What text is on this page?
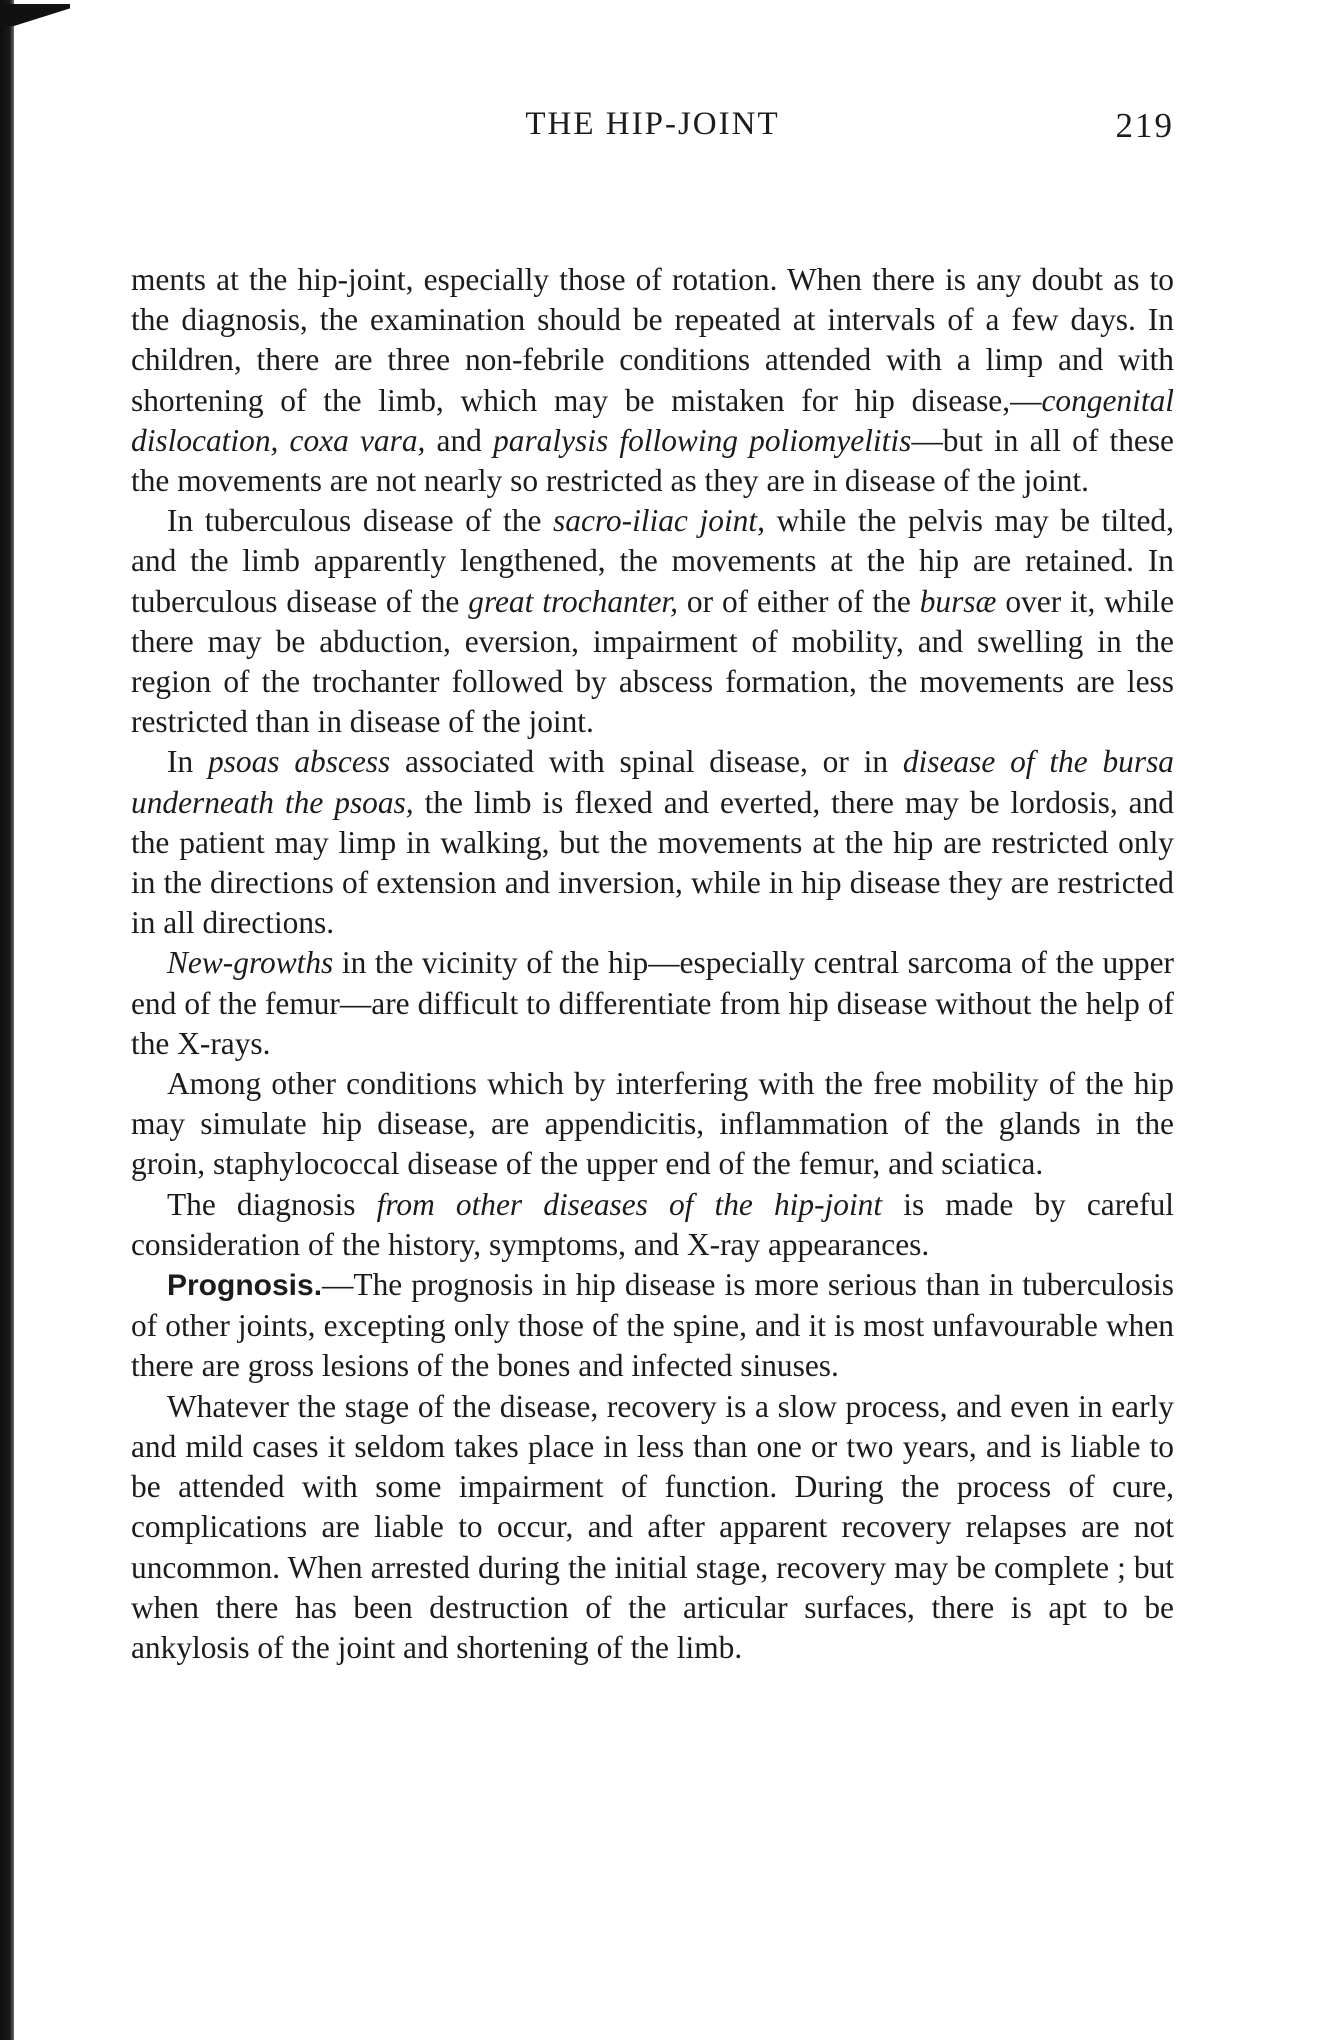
THE HIP-JOINT	219

ments at the hip-joint, especially those of rotation. When there is any doubt as to the diagnosis, the examination should be repeated at intervals of a few days. In children, there are three non-febrile conditions attended with a limp and with shortening of the limb, which may be mistaken for hip disease,—congenital dislocation, coxa vara, and paralysis following poliomyelitis—but in all of these the movements are not nearly so restricted as they are in disease of the joint.

In tuberculous disease of the sacro-iliac joint, while the pelvis may be tilted, and the limb apparently lengthened, the movements at the hip are retained. In tuberculous disease of the great trochanter, or of either of the bursæ over it, while there may be abduction, eversion, impairment of mobility, and swelling in the region of the trochanter followed by abscess formation, the movements are less restricted than in disease of the joint.

In psoas abscess associated with spinal disease, or in disease of the bursa underneath the psoas, the limb is flexed and everted, there may be lordosis, and the patient may limp in walking, but the movements at the hip are restricted only in the directions of extension and inversion, while in hip disease they are restricted in all directions.

New-growths in the vicinity of the hip—especially central sarcoma of the upper end of the femur—are difficult to differentiate from hip disease without the help of the X-rays.

Among other conditions which by interfering with the free mobility of the hip may simulate hip disease, are appendicitis, inflammation of the glands in the groin, staphylococcal disease of the upper end of the femur, and sciatica.

The diagnosis from other diseases of the hip-joint is made by careful consideration of the history, symptoms, and X-ray appearances.

Prognosis.—The prognosis in hip disease is more serious than in tuberculosis of other joints, excepting only those of the spine, and it is most unfavourable when there are gross lesions of the bones and infected sinuses.

Whatever the stage of the disease, recovery is a slow process, and even in early and mild cases it seldom takes place in less than one or two years, and is liable to be attended with some impairment of function. During the process of cure, complications are liable to occur, and after apparent recovery relapses are not uncommon. When arrested during the initial stage, recovery may be complete ; but when there has been destruction of the articular surfaces, there is apt to be ankylosis of the joint and shortening of the limb.
